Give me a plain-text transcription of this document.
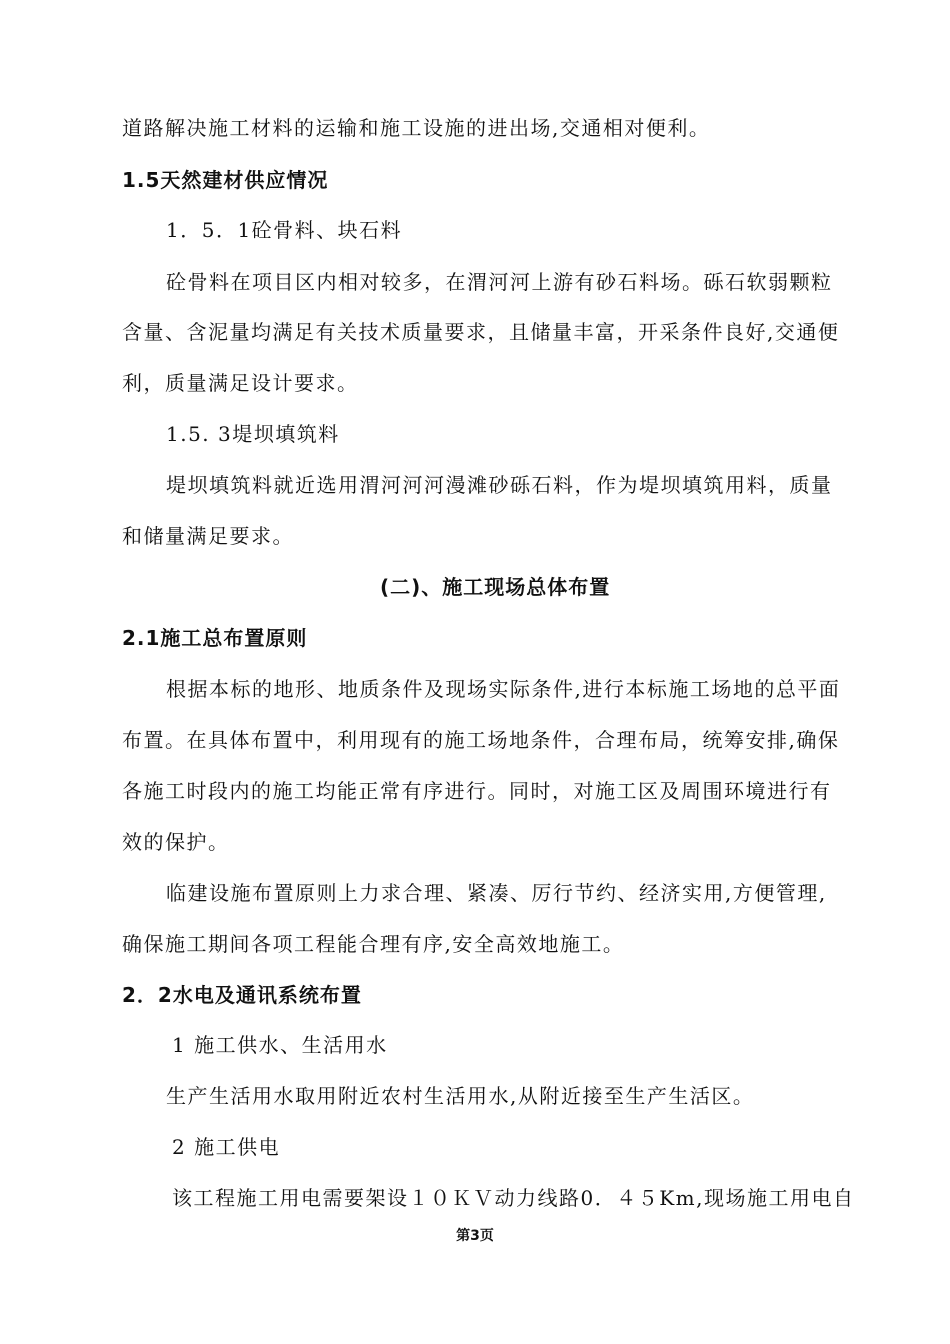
道路解决施工材料的运输和施工设施的进出场,交通相对便利。
1.5天然建材供应情况
1．5．1砼骨料、块石料
砼骨料在项目区内相对较多，在渭河河上游有砂石料场。砾石软弱颗粒
含量、含泥量均满足有关技术质量要求，且储量丰富，开采条件良好,交通便
利，质量满足设计要求。
1.5. 3堤坝填筑料
堤坝填筑料就近选用渭河河河漫滩砂砾石料，作为堤坝填筑用料，质量
和储量满足要求。
(二)、施工现场总体布置
2.1施工总布置原则
根据本标的地形、地质条件及现场实际条件,进行本标施工场地的总平面
布置。在具体布置中，利用现有的施工场地条件，合理布局，统筹安排,确保
各施工时段内的施工均能正常有序进行。同时，对施工区及周围环境进行有
效的保护。
临建设施布置原则上力求合理、紧凑、厉行节约、经济实用,方便管理,
确保施工期间各项工程能合理有序,安全高效地施工。
2．2水电及通讯系统布置
1 施工供水、生活用水
生产生活用水取用附近农村生活用水,从附近接至生产生活区。
2 施工供电
该工程施工用电需要架设１０ＫＶ动力线路0．４５Km,现场施工用电自
第3页
